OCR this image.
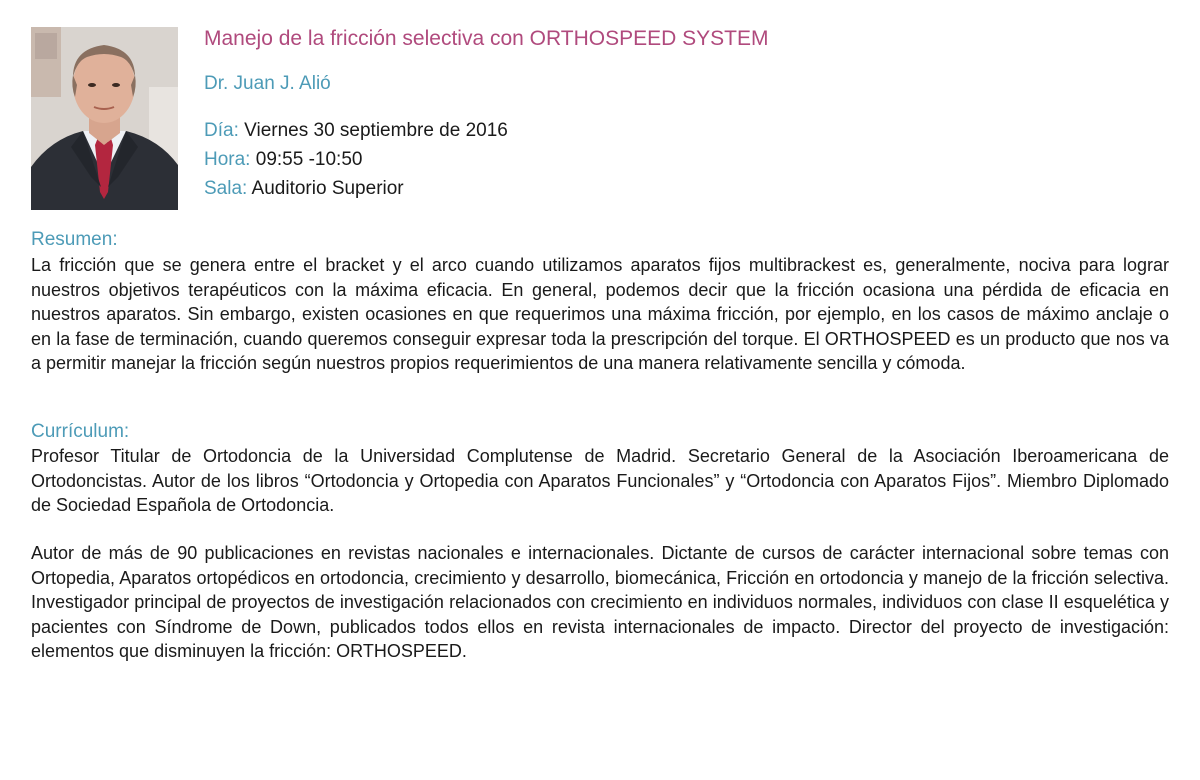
Manejo de la fricción selectiva con ORTHOSPEED SYSTEM
Dr. Juan J. Alió
Día: Viernes 30 septiembre de 2016
Hora: 09:55 -10:50
Sala: Auditorio Superior
Resumen:

La fricción que se genera entre el bracket y el arco cuando utilizamos aparatos fijos multibrackest es, generalmente, nociva para lograr nuestros objetivos terapéuticos con la máxima eficacia. En general, podemos decir que la fricción ocasiona una pérdida de eficacia en nuestros aparatos. Sin embargo, existen ocasiones en que requerimos una máxima fricción, por ejemplo, en los casos de máximo anclaje o en la fase de terminación, cuando queremos conseguir expresar toda la prescripción del torque. El ORTHOSPEED es un producto que nos va a permitir manejar la fricción según nuestros propios requerimientos de una manera relativamente sencilla y cómoda.

Currículum:

Profesor Titular de Ortodoncia de la Universidad Complutense de Madrid. Secretario General de la Asociación Iberoamericana de Ortodoncistas. Autor de los libros “Ortodoncia y Ortopedia con Aparatos Funcionales” y “Ortodoncia con Aparatos Fijos”. Miembro Diplomado de Sociedad Española de Ortodoncia.

Autor de más de 90 publicaciones en revistas nacionales e internacionales. Dictante de cursos de carácter internacional sobre temas con Ortopedia, Aparatos ortopédicos en ortodoncia, crecimiento y desarrollo, biomecánica, Fricción en ortodoncia y manejo de la fricción selectiva. Investigador principal de proyectos de investigación relacionados con crecimiento en individuos normales, individuos con clase II esquelética y pacientes con Síndrome de Down, publicados todos ellos en revista internacionales de impacto. Director del proyecto de investigación: elementos que disminuyen la fricción: ORTHOSPEED.
